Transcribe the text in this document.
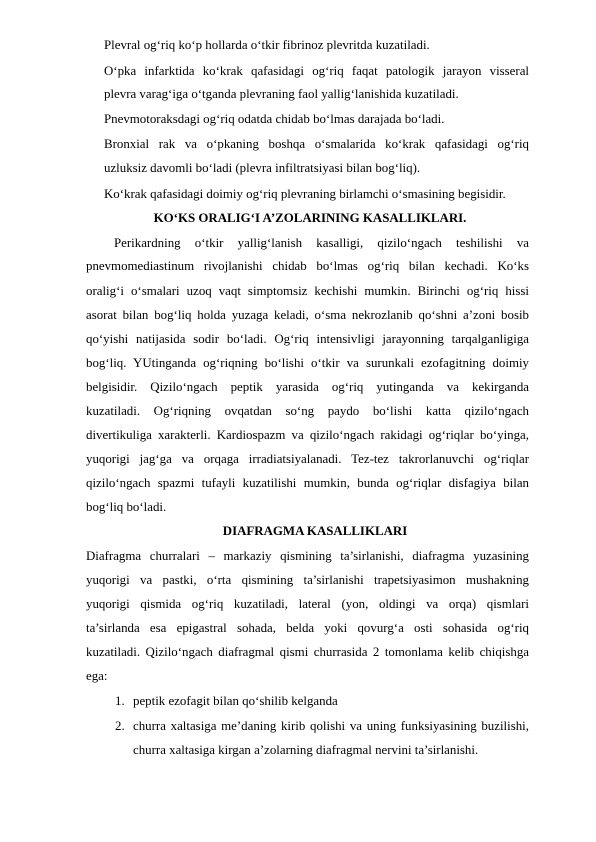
Plevral og‘riq ko‘p hollarda o‘tkir fibrinoz plevritda kuzatiladi.
O‘pka infarktida ko‘krak qafasidagi og‘riq faqat patologik jarayon visseral
plevra varag‘iga o‘tganda plevraning faol yallig‘lanishida kuzatiladi.
Pnevmotoraksdagi og‘riq odatda chidab bo‘lmas darajada bo‘ladi.
Bronxial rak va o‘pkaning boshqa o‘smalarida ko‘krak qafasidagi og‘riq
uzluksiz davomli bo‘ladi (plevra infiltratsiyasi bilan bog‘liq).
Ko‘krak qafasidagi doimiy og‘riq plevraning birlamchi o‘smasining begisidir.
KO‘KS ORALIG‘I A’ZOLARINING KASALLIKLARI.
Perikardning o‘tkir yallig‘lanish kasalligi, qizilo‘ngach teshilishi va
pnevmomediastinum rivojlanishi chidab bo‘lmas og‘riq bilan kechadi. Ko‘ks
oralig‘i o‘smalari uzoq vaqt simptomsiz kechishi mumkin. Birinchi og‘riq hissi
asorat bilan bog‘liq holda yuzaga keladi, o‘sma nekrozlanib qo‘shni a’zoni bosib
qo‘yishi natijasida sodir bo‘ladi. Og‘riq intensivligi jarayonning tarqalganligiga
bog‘liq. YUtinganda og‘riqning bo‘lishi o‘tkir va surunkali ezofagitning doimiy
belgisidir. Qizilo‘ngach peptik yarasida og‘riq yutinganda va kekirganda
kuzatiladi. Og‘riqning ovqatdan so‘ng paydo bo‘lishi katta qizilo‘ngach
divertikuliga xarakterli. Kardiospazm va qizilo‘ngach rakidagi og‘riqlar bo‘yinga,
yuqorigi jag‘ga va orqaga irradiatsiyalanadi. Tez-tez takrorlanuvchi og‘riqlar
qizilo‘ngach spazmi tufayli kuzatilishi mumkin, bunda og‘riqlar disfagiya bilan
bog‘liq bo‘ladi.
DIAFRAGMA KASALLIKLARI
Diafragma churralari – markaziy qismining ta’sirlanishi, diafragma yuzasining
yuqorigi va pastki, o‘rta qismining ta’sirlanishi trapetsiyasimon mushakning
yuqorigi qismida og‘riq kuzatiladi, lateral (yon, oldingi va orqa) qismlari
ta’sirlanda esa epigastral sohada, belda yoki qovurg‘a osti sohasida og‘riq
kuzatiladi. Qizilo‘ngach diafragmal qismi churrasida 2 tomonlama kelib chiqishga
ega:
1. peptik ezofagit bilan qo‘shilib kelganda
2. churra xaltasiga me’daning kirib qolishi va uning funksiyasining buzilishi,
churra xaltasiga kirgan a’zolarning diafragmal nervini ta’sirlanishi.
